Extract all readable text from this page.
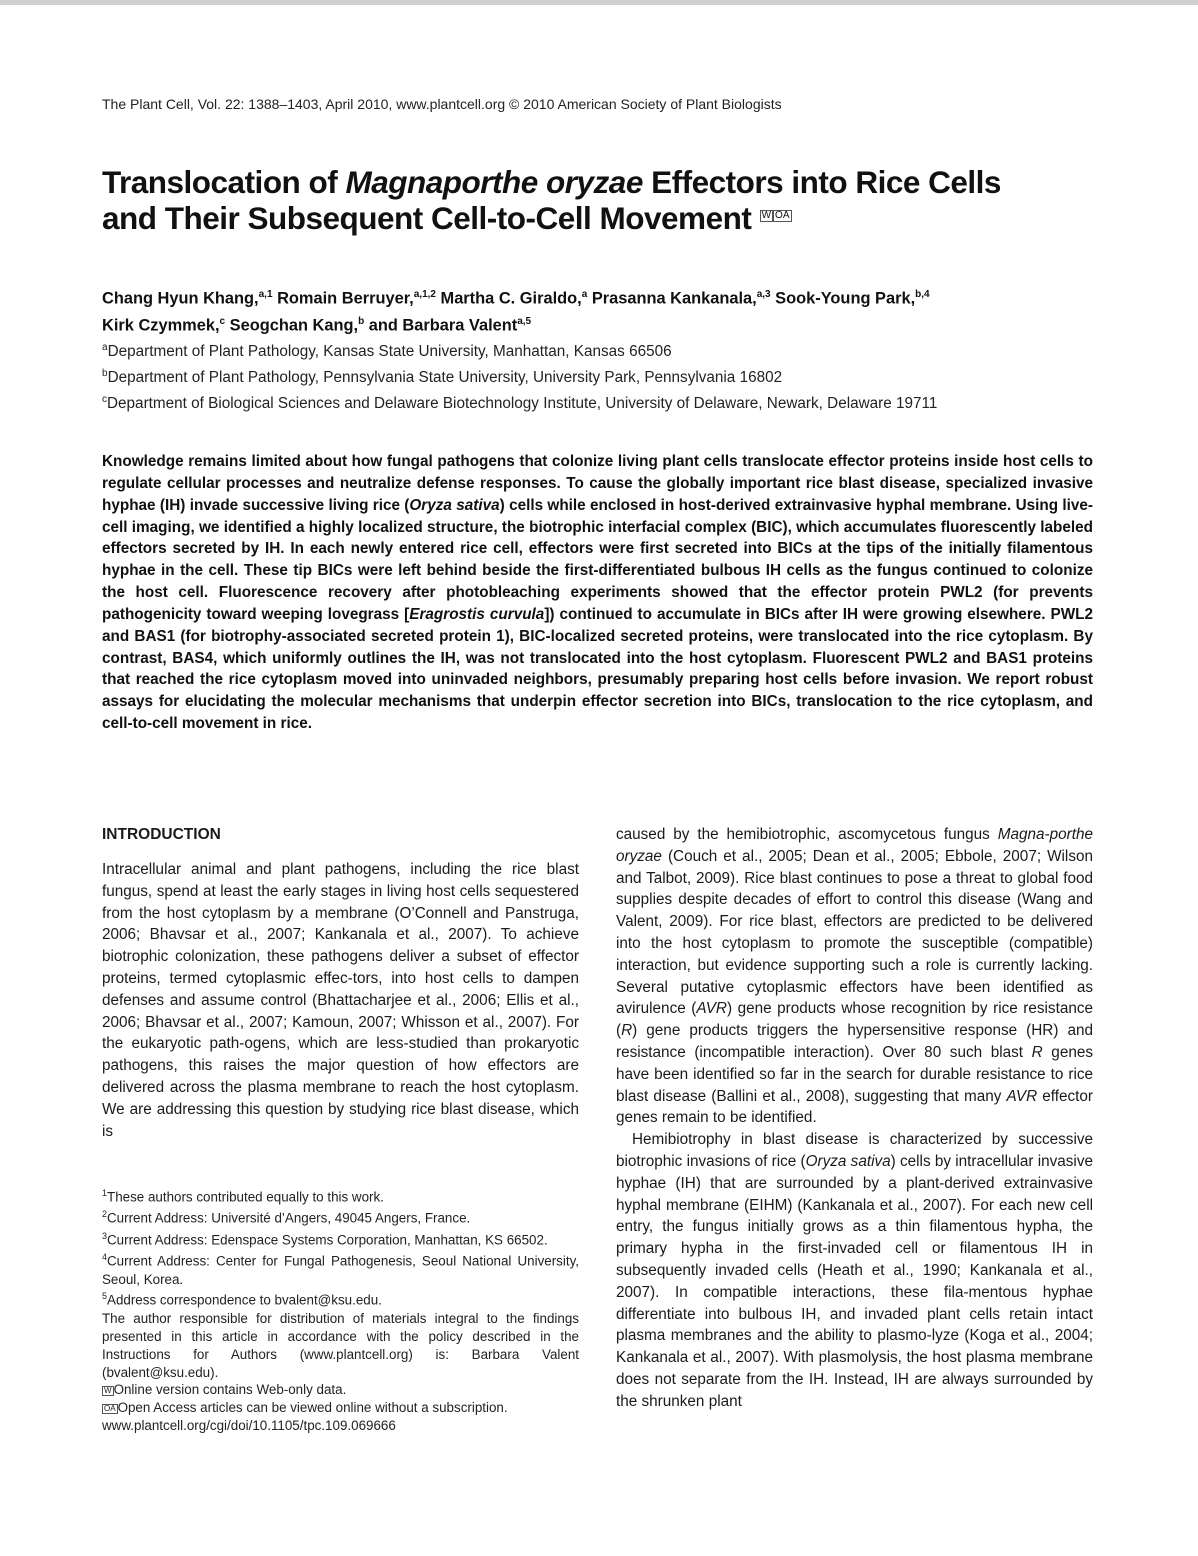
The Plant Cell, Vol. 22: 1388–1403, April 2010, www.plantcell.org © 2010 American Society of Plant Biologists
Translocation of Magnaporthe oryzae Effectors into Rice Cells
and Their Subsequent Cell-to-Cell Movement W OA
Chang Hyun Khang,$^{a,1}$ Romain Berruyer,$^{a,1,2}$ Martha C. Giraldo,$^a$ Prasanna Kankanala,$^{a,3}$ Sook-Young Park,$^{b,4}$
Kirk Czymmek,$^c$ Seogchan Kang,$^b$ and Barbara Valent$^{a,5}$
$^a$Department of Plant Pathology, Kansas State University, Manhattan, Kansas 66506
$^b$Department of Plant Pathology, Pennsylvania State University, University Park, Pennsylvania 16802
$^c$Department of Biological Sciences and Delaware Biotechnology Institute, University of Delaware, Newark, Delaware 19711
Knowledge remains limited about how fungal pathogens that colonize living plant cells translocate effector proteins inside host cells to regulate cellular processes and neutralize defense responses. To cause the globally important rice blast disease, specialized invasive hyphae (IH) invade successive living rice (Oryza sativa) cells while enclosed in host-derived extrainvasive hyphal membrane. Using live-cell imaging, we identified a highly localized structure, the biotrophic interfacial complex (BIC), which accumulates fluorescently labeled effectors secreted by IH. In each newly entered rice cell, effectors were first secreted into BICs at the tips of the initially filamentous hyphae in the cell. These tip BICs were left behind beside the first-differentiated bulbous IH cells as the fungus continued to colonize the host cell. Fluorescence recovery after photobleaching experiments showed that the effector protein PWL2 (for prevents pathogenicity toward weeping lovegrass [Eragrostis curvula]) continued to accumulate in BICs after IH were growing elsewhere. PWL2 and BAS1 (for biotrophy-associated secreted protein 1), BIC-localized secreted proteins, were translocated into the rice cytoplasm. By contrast, BAS4, which uniformly outlines the IH, was not translocated into the host cytoplasm. Fluorescent PWL2 and BAS1 proteins that reached the rice cytoplasm moved into uninvaded neighbors, presumably preparing host cells before invasion. We report robust assays for elucidating the molecular mechanisms that underpin effector secretion into BICs, translocation to the rice cytoplasm, and cell-to-cell movement in rice.
INTRODUCTION

Intracellular animal and plant pathogens, including the rice blast fungus, spend at least the early stages in living host cells sequestered from the host cytoplasm by a membrane (O’Connell and Panstruga, 2006; Bhavsar et al., 2007; Kankanala et al., 2007). To achieve biotrophic colonization, these pathogens deliver a subset of effector proteins, termed cytoplasmic effec-tors, into host cells to dampen defenses and assume control (Bhattacharjee et al., 2006; Ellis et al., 2006; Bhavsar et al., 2007; Kamoun, 2007; Whisson et al., 2007). For the eukaryotic path-ogens, which are less-studied than prokaryotic pathogens, this raises the major question of how effectors are delivered across the plasma membrane to reach the host cytoplasm. We are addressing this question by studying rice blast disease, which is

caused by the hemibiotrophic, ascomycetous fungus Magna-porthe oryzae (Couch et al., 2005; Dean et al., 2005; Ebbole, 2007; Wilson and Talbot, 2009). Rice blast continues to pose a threat to global food supplies despite decades of effort to control this disease (Wang and Valent, 2009). For rice blast, effectors are predicted to be delivered into the host cytoplasm to promote the susceptible (compatible) interaction, but evidence supporting such a role is currently lacking. Several putative cytoplasmic effectors have been identified as avirulence (AVR) gene products whose recognition by rice resistance (R) gene products triggers the hypersensitive response (HR) and resistance (incompatible interaction). Over 80 such blast R genes have been identified so far in the search for durable resistance to rice blast disease (Ballini et al., 2008), suggesting that many AVR effector genes remain to be identified.

Hemibiotrophy in blast disease is characterized by successive biotrophic invasions of rice (Oryza sativa) cells by intracellular invasive hyphae (IH) that are surrounded by a plant-derived extrainvasive hyphal membrane (EIHM) (Kankanala et al., 2007). For each new cell entry, the fungus initially grows as a thin filamentous hypha, the primary hypha in the first-invaded cell or filamentous IH in subsequently invaded cells (Heath et al., 1990; Kankanala et al., 2007). In compatible interactions, these fila-mentous hyphae differentiate into bulbous IH, and invaded plant cells retain intact plasma membranes and the ability to plasmo-lyze (Koga et al., 2004; Kankanala et al., 2007). With plasmolysis, the host plasma membrane does not separate from the IH. Instead, IH are always surrounded by the shrunken plant

$^1$These authors contributed equally to this work.
$^2$Current Address: Université d’Angers, 49045 Angers, France.
$^3$Current Address: Edenspace Systems Corporation, Manhattan, KS 66502.
$^4$Current Address: Center for Fungal Pathogenesis, Seoul National University, Seoul, Korea.
$^5$Address correspondence to bvalent@ksu.edu.
The author responsible for distribution of materials integral to the findings presented in this article in accordance with the policy described in the Instructions for Authors (www.plantcell.org) is: Barbara Valent (bvalent@ksu.edu).
W Online version contains Web-only data.
OA Open Access articles can be viewed online without a subscription.
www.plantcell.org/cgi/doi/10.1105/tpc.109.069666
